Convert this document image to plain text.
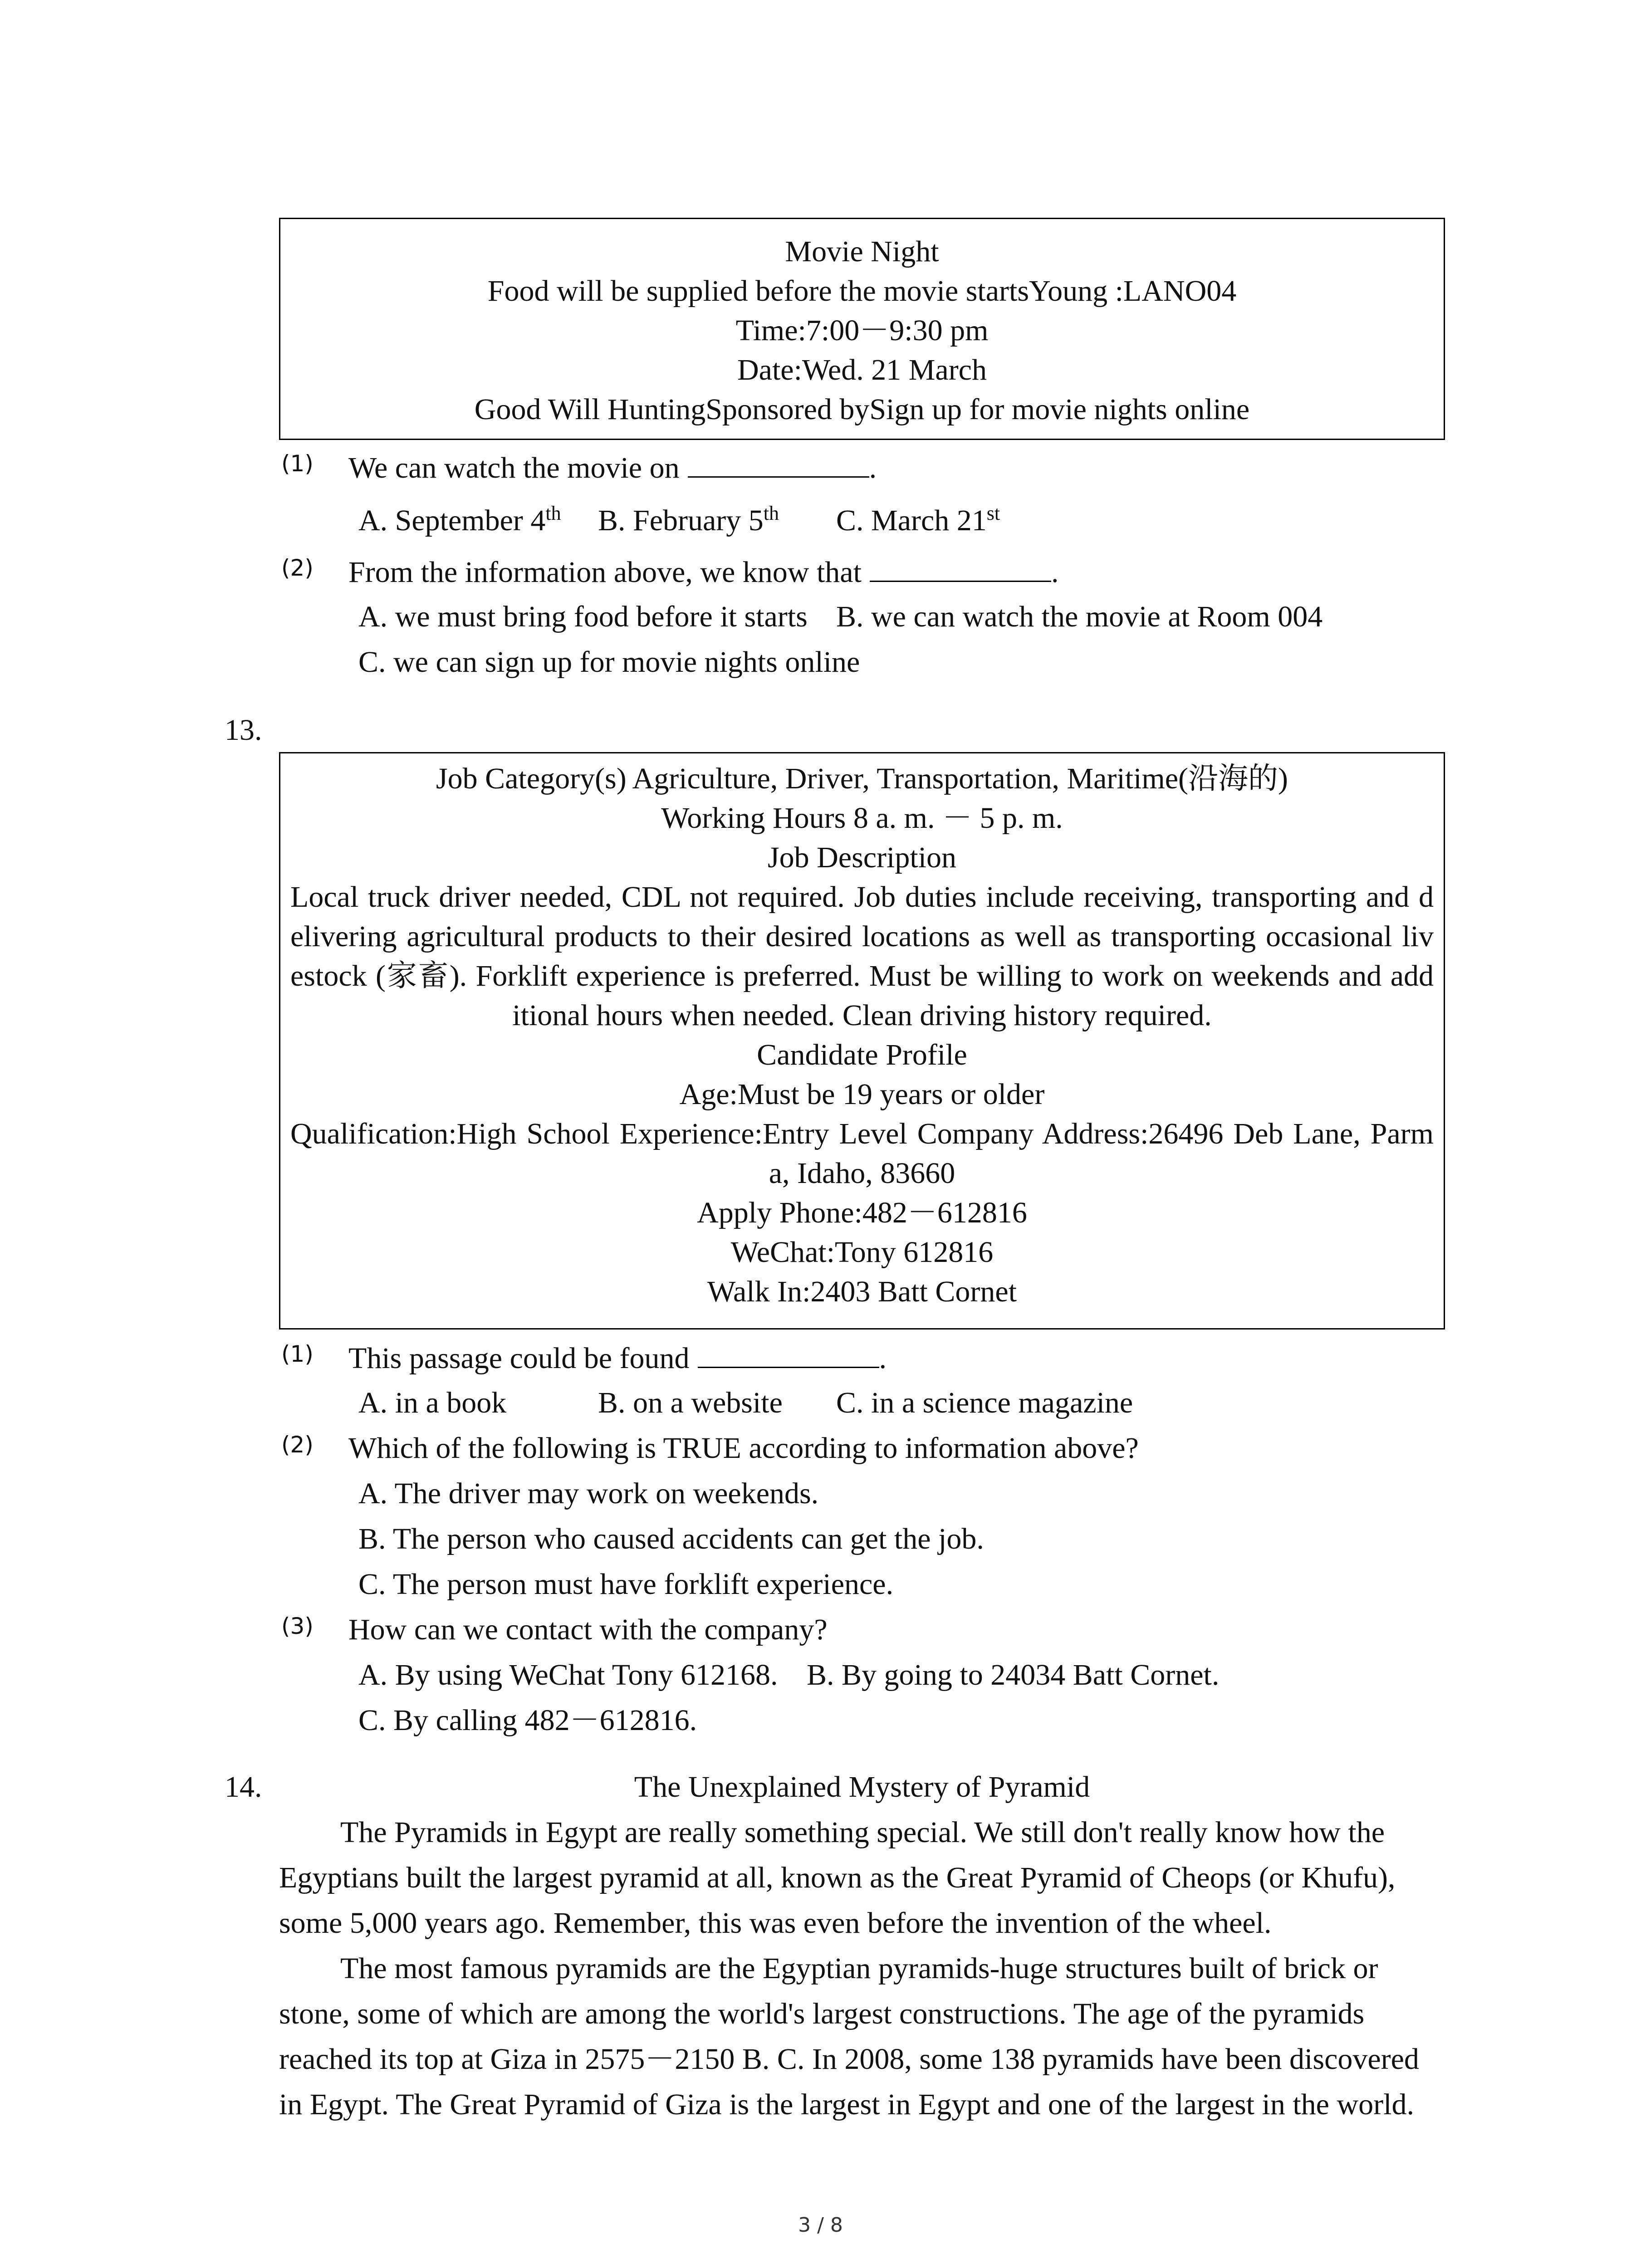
Movie Night
Food will be supplied before the movie startsYoung :LANO04
Time:7:00－9:30 pm
Date:Wed. 21 March
Good Will HuntingSponsored bySign up for movie nights online
(1) We can watch the movie on	.
A. September 4th B. February 5th C. March 21st
(2) From the information above, we know that	.
A. we must bring food before it starts B. we can watch the movie at Room 004
C. we can sign up for movie nights online
13.
Job Category(s) Agriculture, Driver, Transportation, Maritime(沿海的)
Working Hours 8 a. m. － 5 p. m.
Job Description
Local truck driver needed, CDL not required. Job duties include receiving, transporting and d
elivering agricultural products to their desired locations as well as transporting occasional liv
estock (家畜). Forklift experience is preferred. Must be willing to work on weekends and add
itional hours when needed. Clean driving history required.
Candidate Profile
Age:Must be 19 years or older
Qualification:High School Experience:Entry Level Company Address:26496 Deb Lane, Parm
a, Idaho, 83660
Apply Phone:482－612816
WeChat:Tony 612816
Walk In:2403 Batt Cornet
(1) This passage could be found	.
A. in a book	B. on a website C. in a science magazine
(2) Which of the following is TRUE according to information above?
A. The driver may work on weekends.
B. The person who caused accidents can get the job.
C. The person must have forklift experience.
(3) How can we contact with the company?
A. By using WeChat Tony 612168. B. By going to 24034 Batt Cornet.
C. By calling 482－612816.
14.	The Unexplained Mystery of Pyramid
The Pyramids in Egypt are really something special. We still don't really know how the
Egyptians built the largest pyramid at all, known as the Great Pyramid of Cheops (or Khufu),
some 5,000 years ago. Remember, this was even before the invention of the wheel.
The most famous pyramids are the Egyptian pyramids-huge structures built of brick or
stone, some of which are among the world's largest constructions. The age of the pyramids
reached its top at Giza in 2575－2150 B. C. In 2008, some 138 pyramids have been discovered
in Egypt. The Great Pyramid of Giza is the largest in Egypt and one of the largest in the world.
3 / 8
